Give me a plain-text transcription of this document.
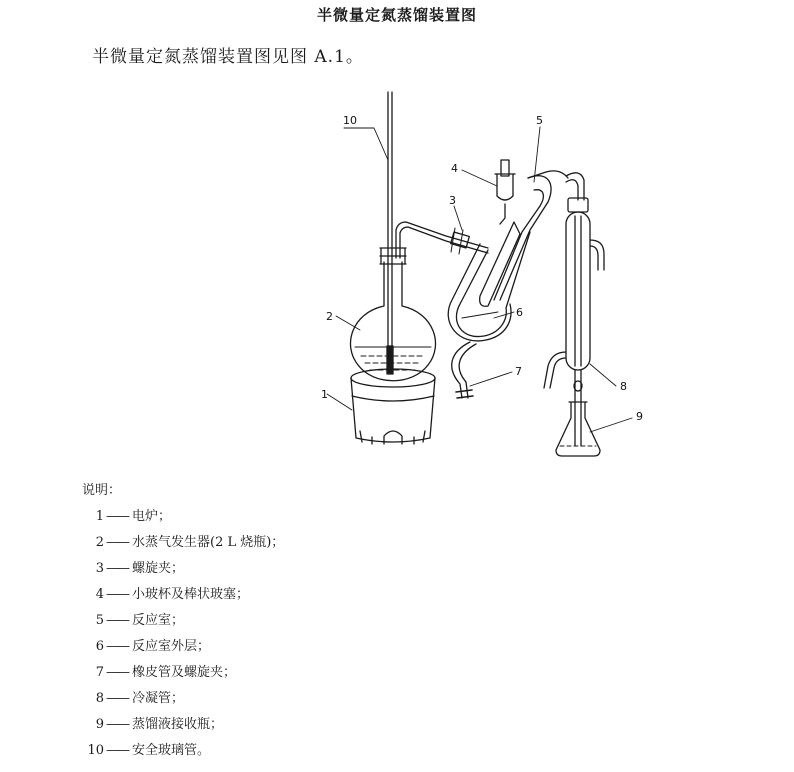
半微量定氮蒸馏装置图
半微量定氮蒸馏装置图见图 A.1。
1
2
3
4
5
6
7
8
9
10
说明：
1 —— 电炉；
2 —— 水蒸气发生器(2 L 烧瓶)；
3 —— 螺旋夹；
4 —— 小玻杯及棒状玻塞；
5 —— 反应室；
6 —— 反应室外层；
7 —— 橡皮管及螺旋夹；
8 —— 冷凝管；
9 —— 蒸馏液接收瓶；
10 —— 安全玻璃管。
